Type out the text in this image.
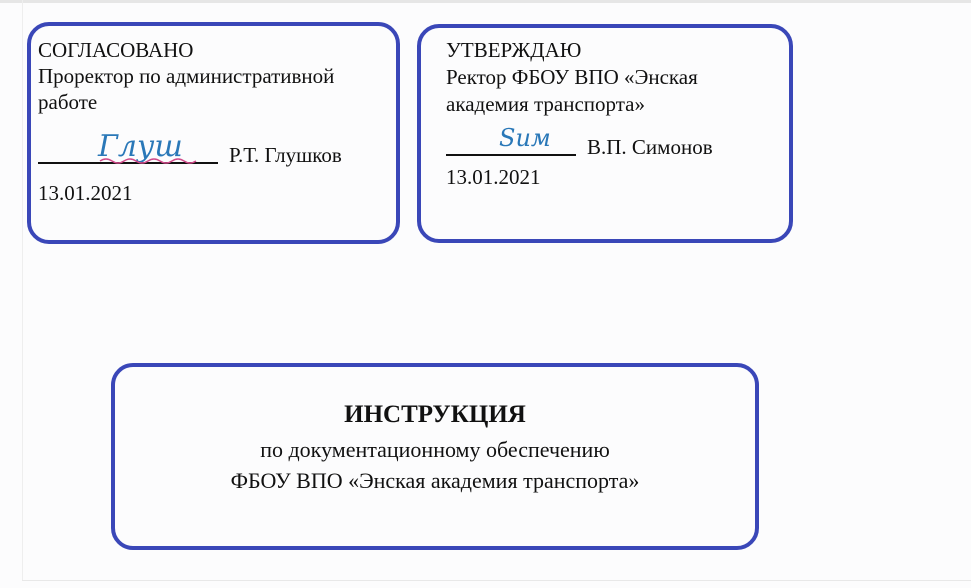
СОГЛАСОВАНО
Проректор по административной
работе
Глуш Р.Т. Глушков
13.01.2021
УТВЕРЖДАЮ
Ректор ФБОУ ВПО «Энская
академия транспорта»
Sим В.П. Симонов
13.01.2021
ИНСТРУКЦИЯ
по документационному обеспечению
ФБОУ ВПО «Энская академия транспорта»
